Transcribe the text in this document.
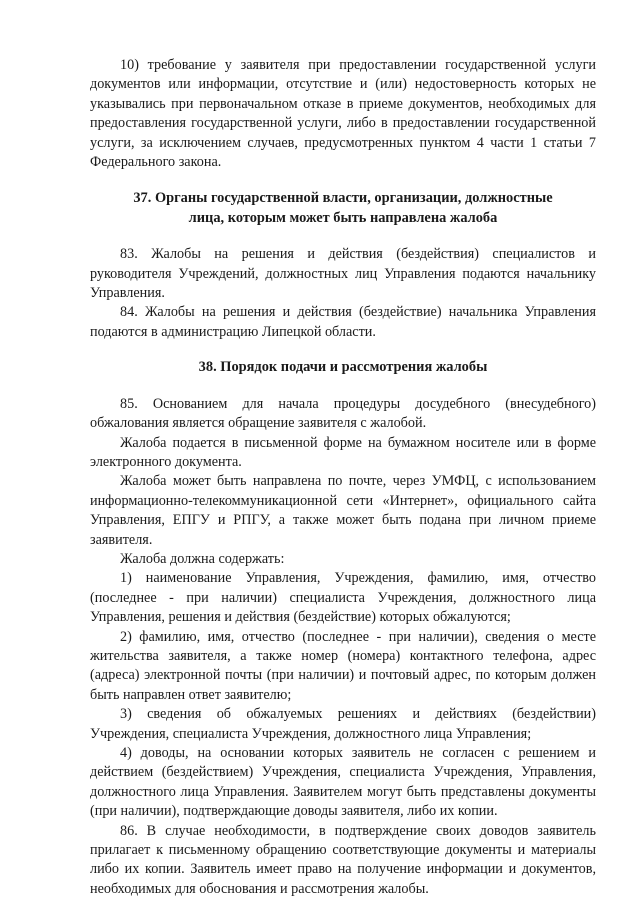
10) требование у заявителя при предоставлении государственной услуги документов или информации, отсутствие и (или) недостоверность которых не указывались при первоначальном отказе в приеме документов, необходимых для предоставления государственной услуги, либо в предоставлении государственной услуги, за исключением случаев, предусмотренных пунктом 4 части 1 статьи 7 Федерального закона.

37. Органы государственной власти, организации, должностные лица, которым может быть направлена жалоба

83. Жалобы на решения и действия (бездействия) специалистов и руководителя Учреждений, должностных лиц Управления подаются начальнику Управления.

84. Жалобы на решения и действия (бездействие) начальника Управления подаются в администрацию Липецкой области.

38. Порядок подачи и рассмотрения жалобы

85. Основанием для начала процедуры досудебного (внесудебного) обжалования является обращение заявителя с жалобой.

Жалоба подается в письменной форме на бумажном носителе или в форме электронного документа.

Жалоба может быть направлена по почте, через УМФЦ, с использованием информационно-телекоммуникационной сети «Интернет», официального сайта Управления, ЕПГУ и РПГУ, а также может быть подана при личном приеме заявителя.

Жалоба должна содержать:

1) наименование Управления, Учреждения, фамилию, имя, отчество (последнее - при наличии) специалиста Учреждения, должностного лица Управления, решения и действия (бездействие) которых обжалуются;

2) фамилию, имя, отчество (последнее - при наличии), сведения о месте жительства заявителя, а также номер (номера) контактного телефона, адрес (адреса) электронной почты (при наличии) и почтовый адрес, по которым должен быть направлен ответ заявителю;

3) сведения об обжалуемых решениях и действиях (бездействии) Учреждения, специалиста Учреждения, должностного лица Управления;

4) доводы, на основании которых заявитель не согласен с решением и действием (бездействием) Учреждения, специалиста Учреждения, Управления, должностного лица Управления. Заявителем могут быть представлены документы (при наличии), подтверждающие доводы заявителя, либо их копии.

86. В случае необходимости, в подтверждение своих доводов заявитель прилагает к письменному обращению соответствующие документы и материалы либо их копии. Заявитель имеет право на получение информации и документов, необходимых для обоснования и рассмотрения жалобы.
